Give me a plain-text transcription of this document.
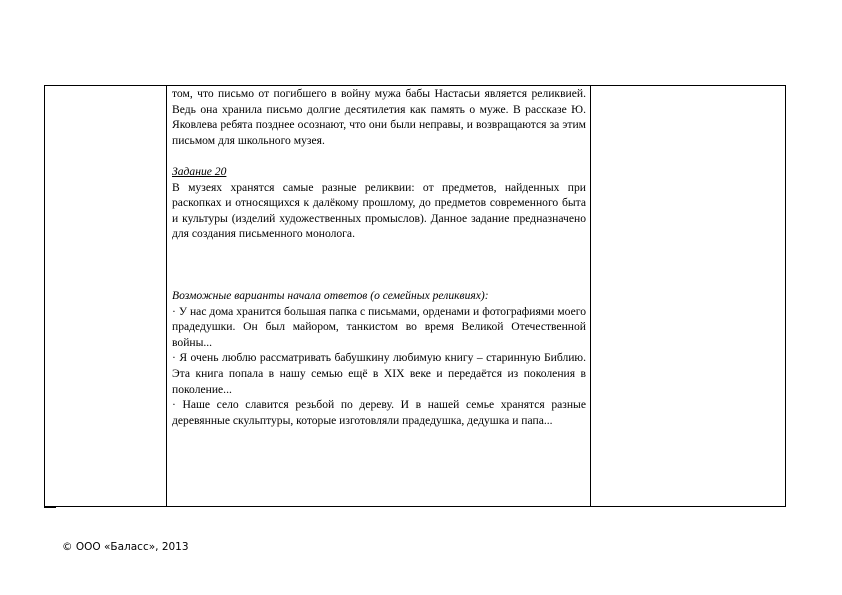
том, что письмо от погибшего в войну мужа бабы Настасьи является реликвией. Ведь она хранила письмо долгие десятилетия как память о муже. В рассказе Ю. Яковлева ребята позднее осознают, что они были неправы, и возвращаются за этим письмом для школьного музея.

Задание 20

В музеях хранятся самые разные реликвии: от предметов, найденных при раскопках и относящихся к далёкому прошлому, до предметов современного быта и культуры (изделий художественных промыслов). Данное задание предназначено для создания письменного монолога.

Возможные варианты начала ответов (о семейных реликвиях):

· У нас дома хранится большая папка с письмами, орденами и фотографиями моего прадедушки. Он был майором, танкистом во время Великой Отечественной войны...

· Я очень люблю рассматривать бабушкину любимую книгу – старинную Библию. Эта книга попала в нашу семью ещё в XIX веке и передаётся из поколения в поколение...

· Наше село славится резьбой по дереву. И в нашей семье хранятся разные деревянные скульптуры, которые изготовляли прадедушка, дедушка и папа...

© ООО «Баласс», 2013
